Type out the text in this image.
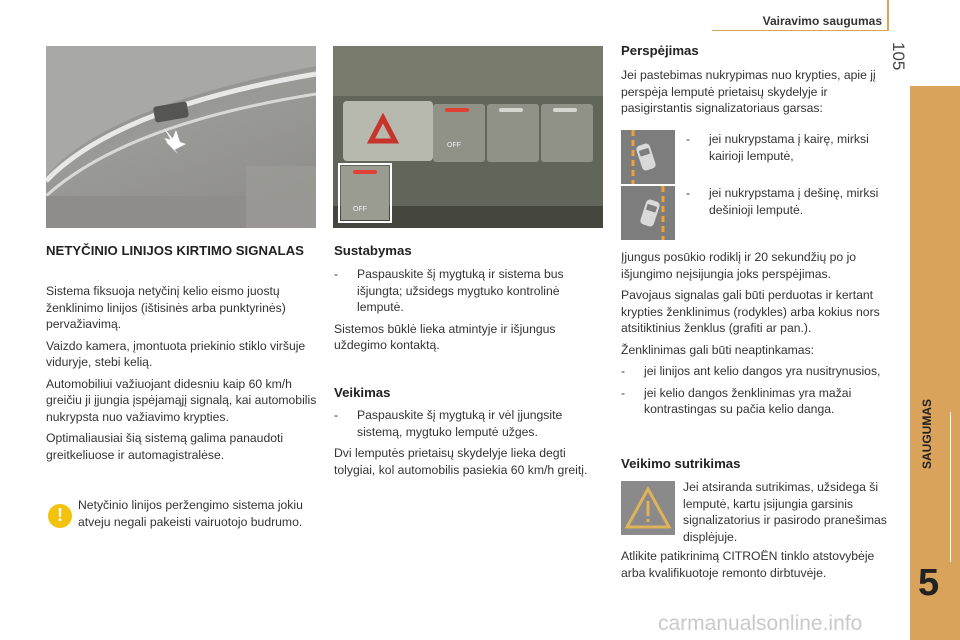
Vairavimo saugumas
105
SAUGUMAS
5
OFF
OFF
NETYČINIO LINIJOS KIRTIMO SIGNALAS

Sistema fiksuoja netyčinį kelio eismo juostų ženklinimo linijos (ištisinės arba punktyrinės) pervažiavimą.

Vaizdo kamera, įmontuota priekinio stiklo viršuje viduryje, stebi kelią.

Automobiliui važiuojant didesniu kaip 60 km/h greičiu ji įjungia įspėjamąjį signalą, kai automobilis nukrypsta nuo važiavimo krypties.

Optimaliausiai šią sistemą galima panaudoti greitkeliuose ir automagistralėse.

!
Netyčinio linijos peržengimo sistema jokiu atveju negali pakeisti vairuotojo budrumo.
Sustabymas

- Paspauskite šį mygtuką ir sistema bus išjungta; užsidegs mygtuko kontrolinė lemputė.

Sistemos būklė lieka atmintyje ir išjungus uždegimo kontaktą.

Veikimas

- Paspauskite šį mygtuką ir vėl įjungsite sistemą, mygtuko lemputė užges.

Dvi lemputės prietaisų skydelyje lieka degti tolygiai, kol automobilis pasiekia 60 km/h greitį.

Perspėjimas
Jei pastebimas nukrypimas nuo krypties, apie jį perspėja lemputė prietaisų skydelyje ir pasigirstantis signalizatoriaus garsas:

- jei nukrypstama į kairę, mirksi kairioji lemputė,

- jei nukrypstama į dešinę, mirksi dešinioji lemputė.

Įjungus posūkio rodiklį ir 20 sekundžių po jo išjungimo neįsijungia joks perspėjimas.

Pavojaus signalas gali būti perduotas ir kertant krypties ženklinimus (rodykles) arba kokius nors atsitiktinius ženklus (grafiti ar pan.).

Ženklinimas gali būti neaptinkamas:

- jei linijos ant kelio dangos yra nusitrynusios,

- jei kelio dangos ženklinimas yra mažai kontrastingas su pačia kelio danga.

Veikimo sutrikimas
Jei atsiranda sutrikimas, užsidega ši lemputė, kartu įsijungia garsinis signalizatorius ir pasirodo pranešimas displėjuje.
Atlikite patikrinimą CITROËN tinklo atstovybėje arba kvalifikuotoje remonto dirbtuvėje.
carmanualsonline.info
